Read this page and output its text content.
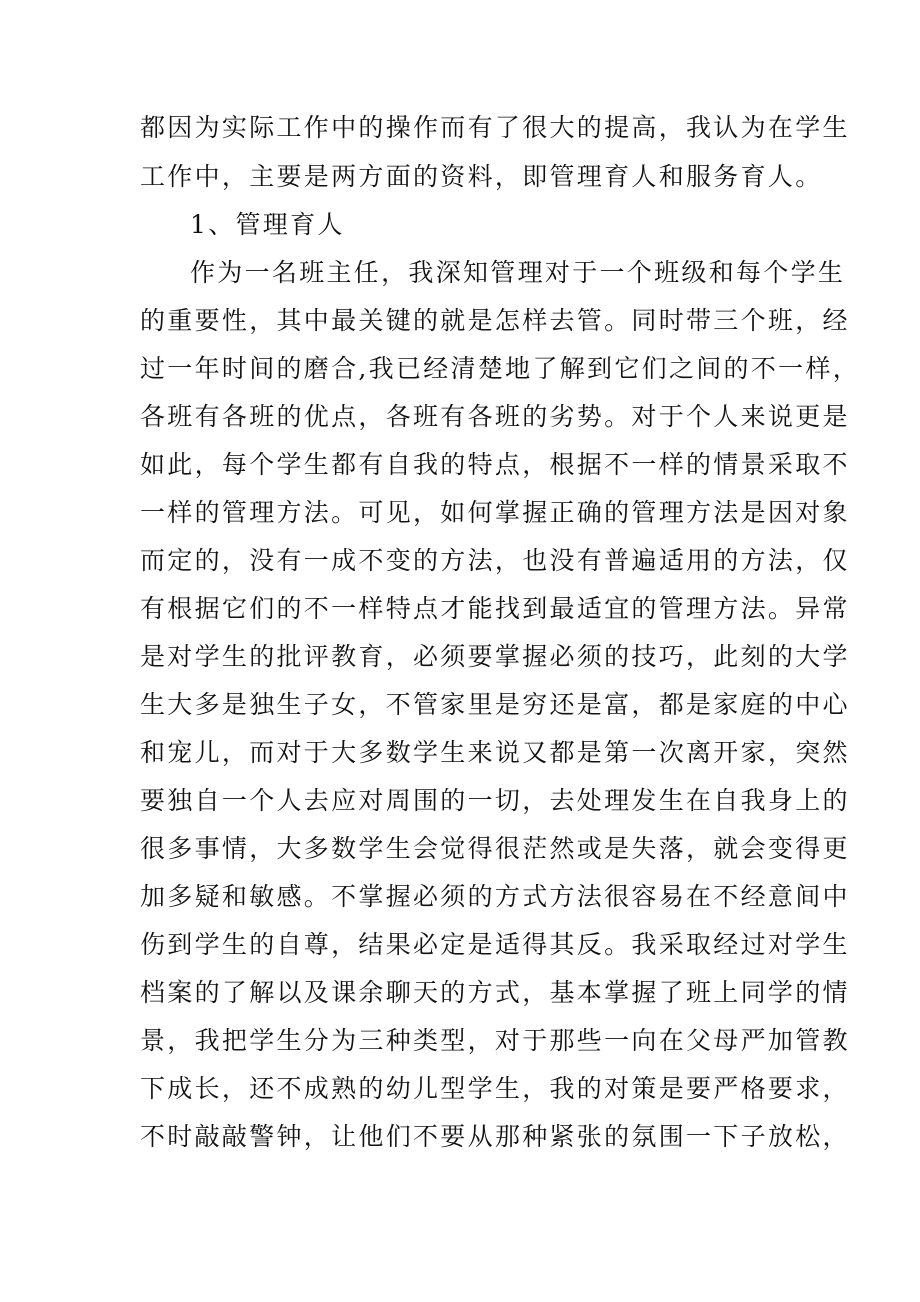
都因为实际工作中的操作而有了很大的提高，我认为在学生
工作中，主要是两方面的资料，即管理育人和服务育人。
1、管理育人
作为一名班主任，我深知管理对于一个班级和每个学生
的重要性，其中最关键的就是怎样去管。同时带三个班，经
过一年时间的磨合,我已经清楚地了解到它们之间的不一样，
各班有各班的优点，各班有各班的劣势。对于个人来说更是
如此，每个学生都有自我的特点，根据不一样的情景采取不
一样的管理方法。可见，如何掌握正确的管理方法是因对象
而定的，没有一成不变的方法，也没有普遍适用的方法，仅
有根据它们的不一样特点才能找到最适宜的管理方法。异常
是对学生的批评教育，必须要掌握必须的技巧，此刻的大学
生大多是独生子女，不管家里是穷还是富，都是家庭的中心
和宠儿，而对于大多数学生来说又都是第一次离开家，突然
要独自一个人去应对周围的一切，去处理发生在自我身上的
很多事情，大多数学生会觉得很茫然或是失落，就会变得更
加多疑和敏感。不掌握必须的方式方法很容易在不经意间中
伤到学生的自尊，结果必定是适得其反。我采取经过对学生
档案的了解以及课余聊天的方式，基本掌握了班上同学的情
景，我把学生分为三种类型，对于那些一向在父母严加管教
下成长，还不成熟的幼儿型学生，我的对策是要严格要求，
不时敲敲警钟，让他们不要从那种紧张的氛围一下子放松，
